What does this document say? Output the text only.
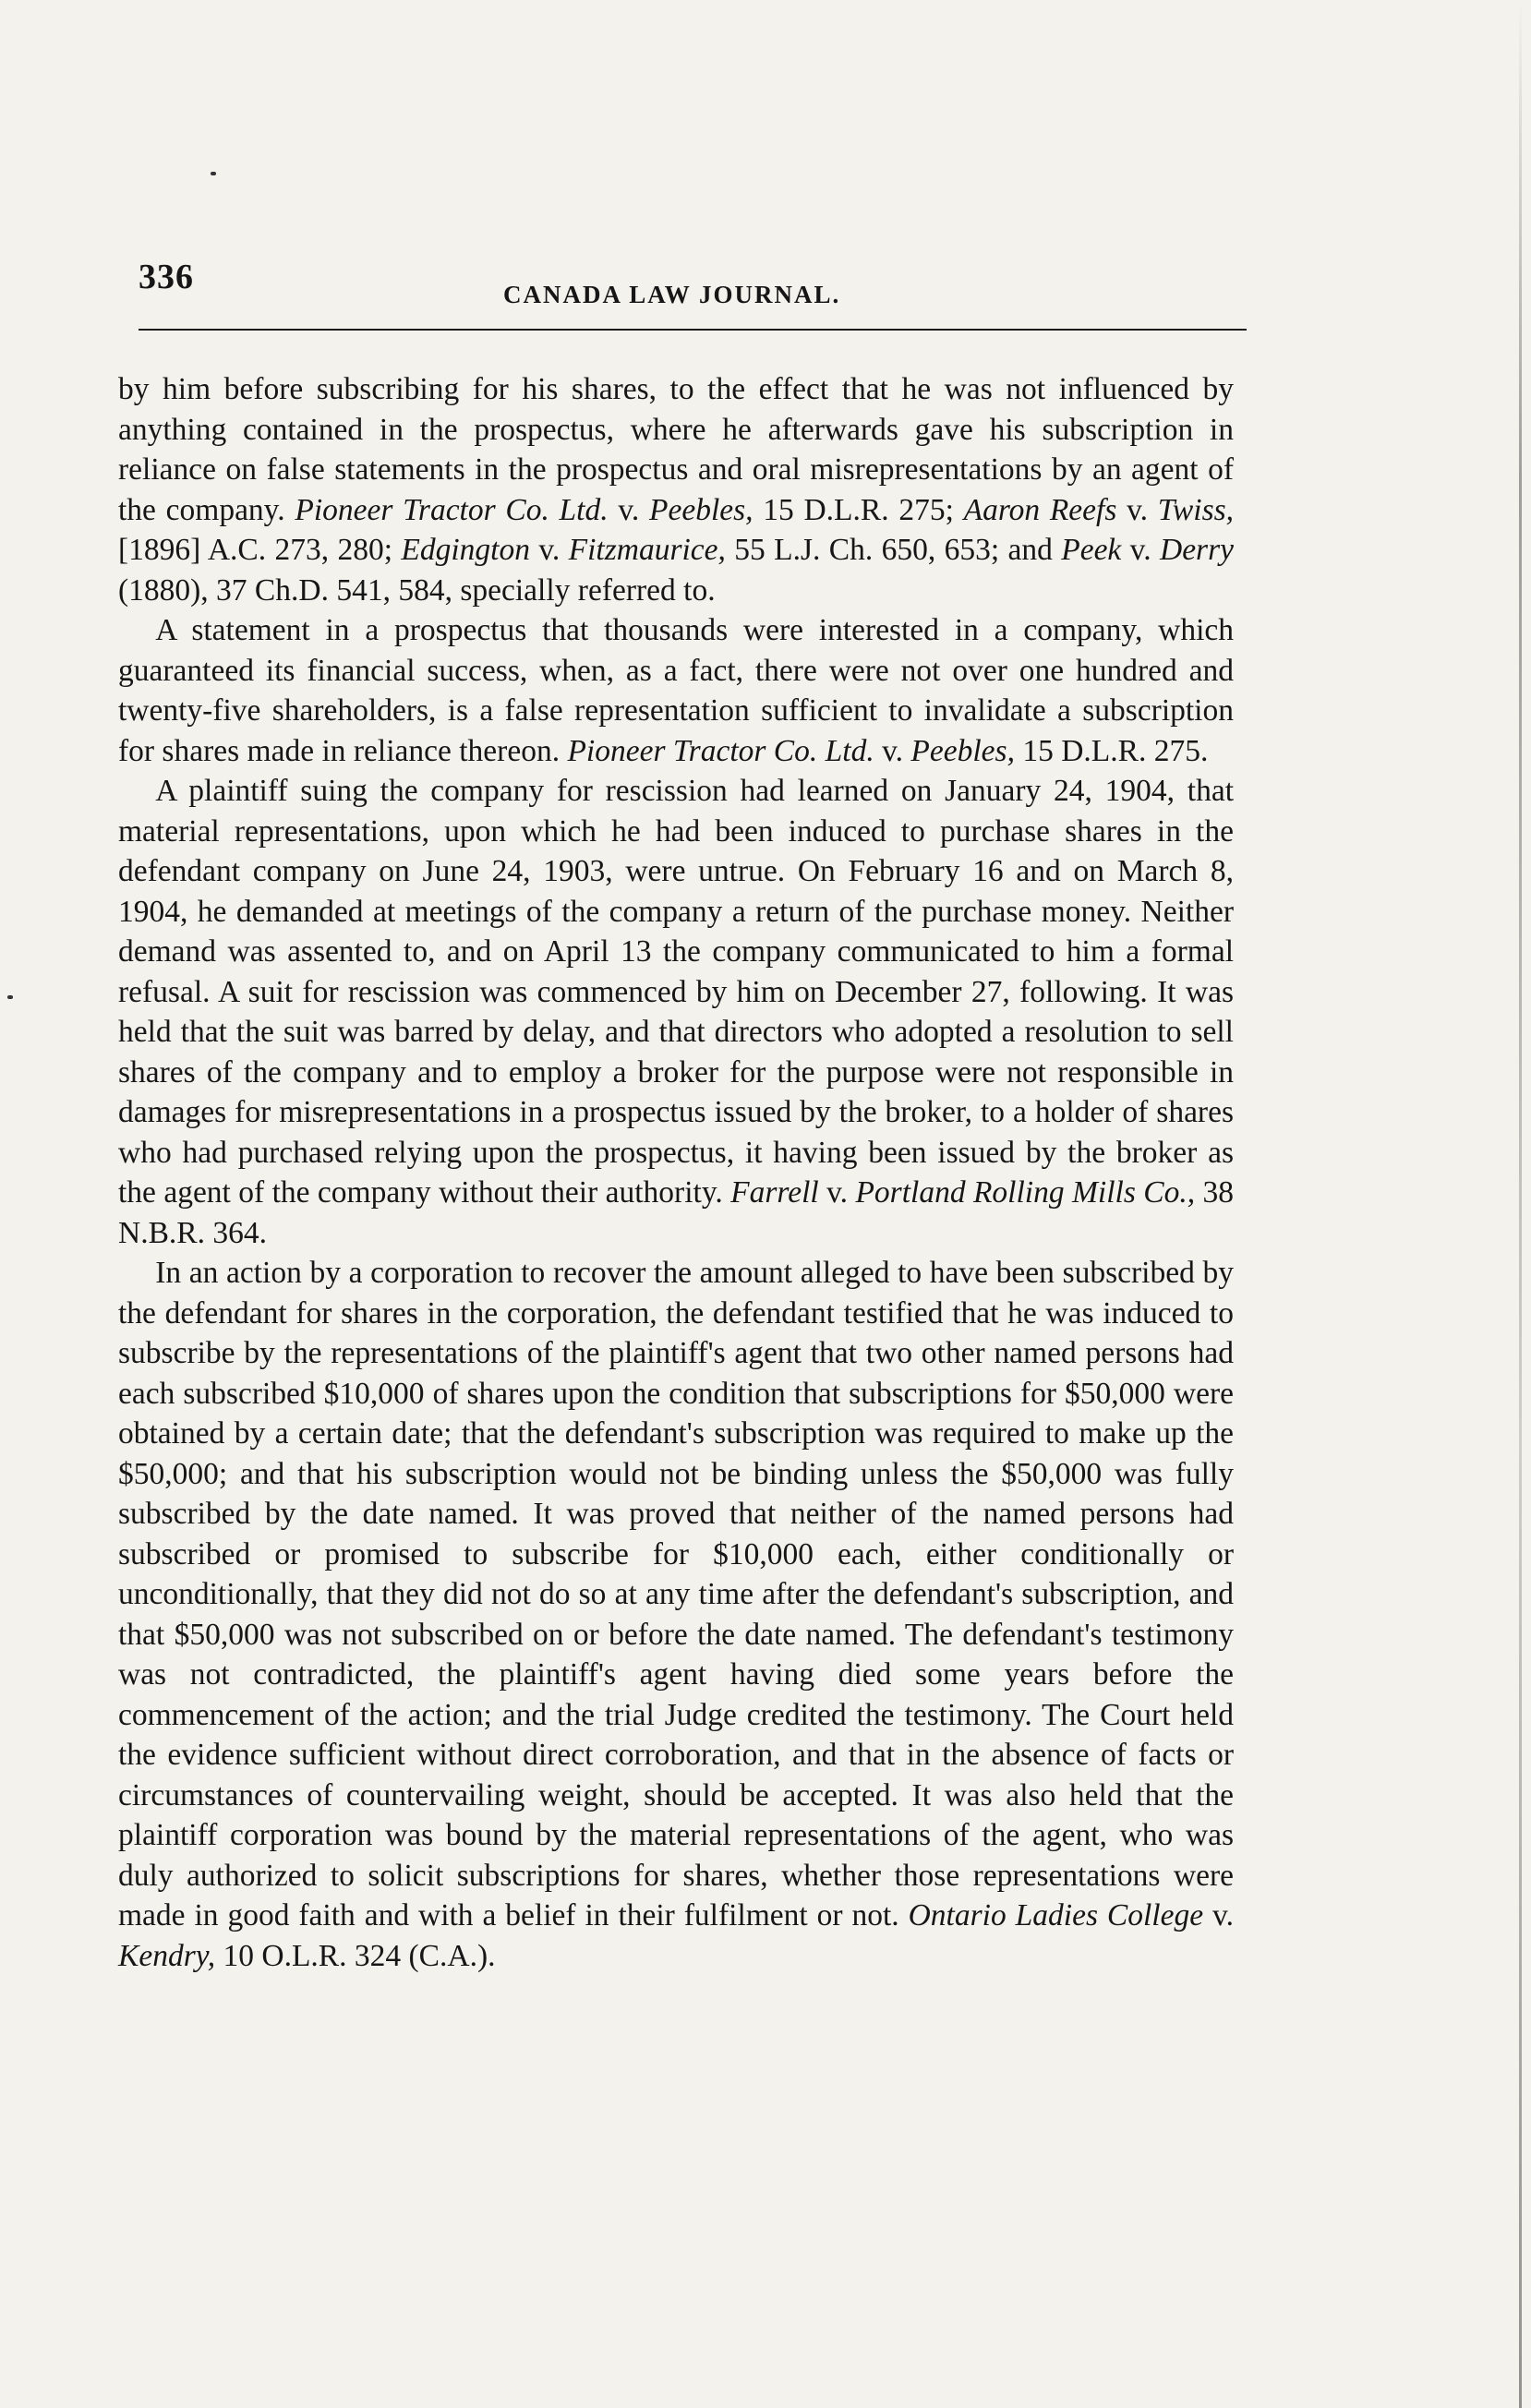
336	CANADA LAW JOURNAL.

by him before subscribing for his shares, to the effect that he was not influenced by anything contained in the prospectus, where he afterwards gave his subscription in reliance on false statements in the prospectus and oral misrepresentations by an agent of the company. Pioneer Tractor Co. Ltd. v. Peebles, 15 D.L.R. 275; Aaron Reefs v. Twiss, [1896] A.C. 273, 280; Edgington v. Fitzmaurice, 55 L.J. Ch. 650, 653; and Peek v. Derry (1880), 37 Ch.D. 541, 584, specially referred to.

A statement in a prospectus that thousands were interested in a company, which guaranteed its financial success, when, as a fact, there were not over one hundred and twenty-five shareholders, is a false representation sufficient to invalidate a subscription for shares made in reliance thereon. Pioneer Tractor Co. Ltd. v. Peebles, 15 D.L.R. 275.

A plaintiff suing the company for rescission had learned on January 24, 1904, that material representations, upon which he had been induced to purchase shares in the defendant company on June 24, 1903, were untrue. On February 16 and on March 8, 1904, he demanded at meetings of the company a return of the purchase money. Neither demand was assented to, and on April 13 the company communicated to him a formal refusal. A suit for rescission was commenced by him on December 27, following. It was held that the suit was barred by delay, and that directors who adopted a resolution to sell shares of the company and to employ a broker for the purpose were not responsible in damages for misrepresentations in a prospectus issued by the broker, to a holder of shares who had purchased relying upon the prospectus, it having been issued by the broker as the agent of the company without their authority. Farrell v. Portland Rolling Mills Co., 38 N.B.R. 364.

In an action by a corporation to recover the amount alleged to have been subscribed by the defendant for shares in the corporation, the defendant testified that he was induced to subscribe by the representations of the plaintiff's agent that two other named persons had each subscribed $10,000 of shares upon the condition that subscriptions for $50,000 were obtained by a certain date; that the defendant's subscription was required to make up the $50,000; and that his subscription would not be binding unless the $50,000 was fully subscribed by the date named. It was proved that neither of the named persons had subscribed or promised to subscribe for $10,000 each, either conditionally or unconditionally, that they did not do so at any time after the defendant's subscription, and that $50,000 was not subscribed on or before the date named. The defendant's testimony was not contradicted, the plaintiff's agent having died some years before the commencement of the action; and the trial Judge credited the testimony. The Court held the evidence sufficient without direct corroboration, and that in the absence of facts or circumstances of countervailing weight, should be accepted. It was also held that the plaintiff corporation was bound by the material representations of the agent, who was duly authorized to solicit subscriptions for shares, whether those representations were made in good faith and with a belief in their fulfilment or not. Ontario Ladies College v. Kendry, 10 O.L.R. 324 (C.A.).
